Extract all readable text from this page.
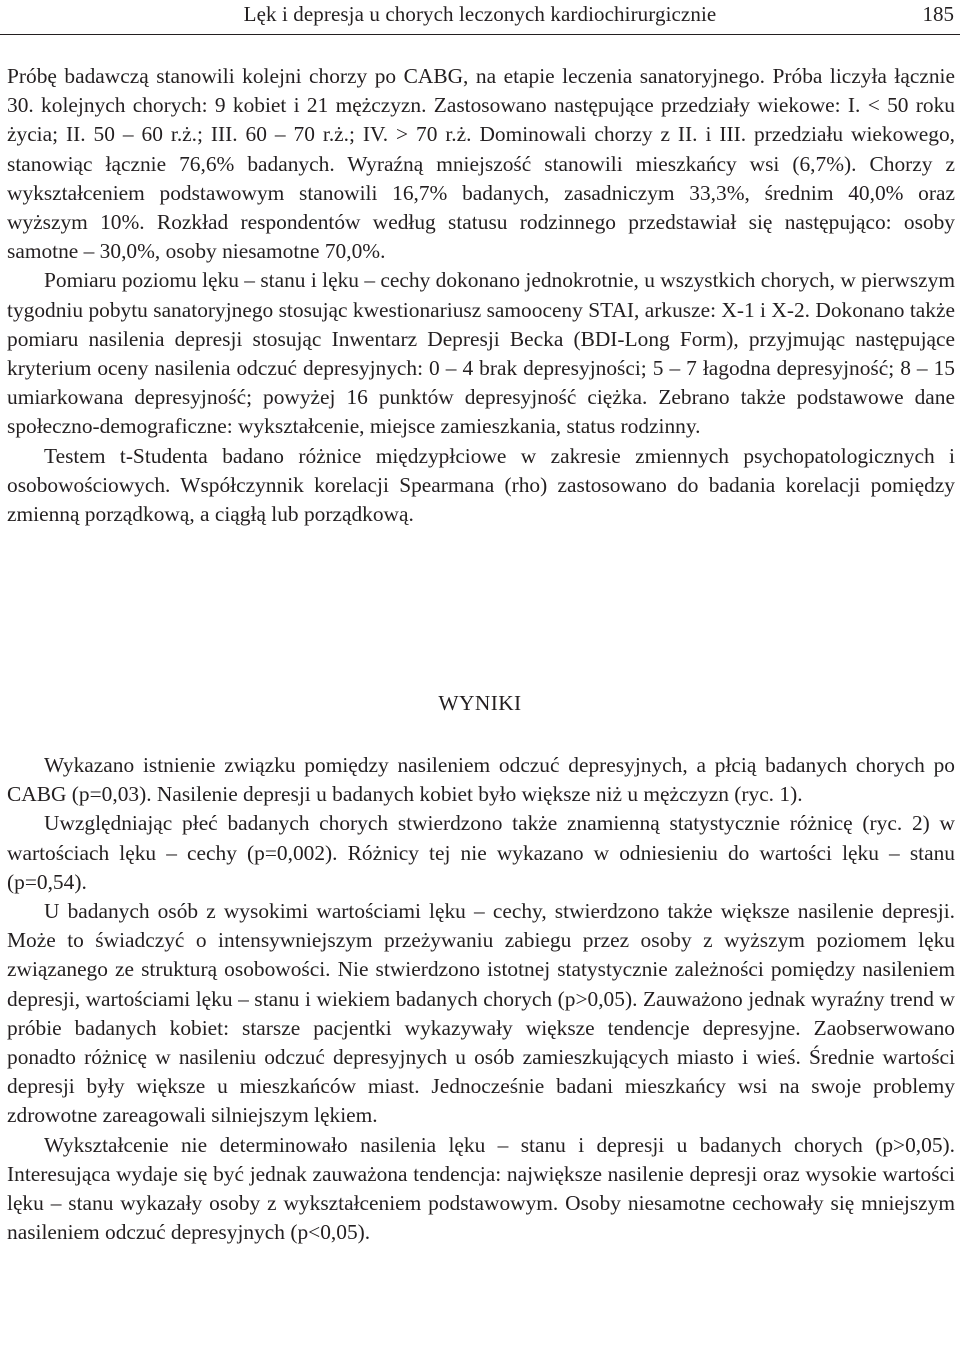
Lęk i depresja u chorych leczonych kardiochirurgicznie	185

Próbę badawczą stanowili kolejni chorzy po CABG, na etapie leczenia sanatoryjnego. Próba liczyła łącznie 30. kolejnych chorych: 9 kobiet i 21 mężczyzn. Zastosowano następujące przedziały wiekowe: I. < 50 roku życia; II. 50 – 60 r.ż.; III. 60 – 70 r.ż.; IV. > 70 r.ż. Dominowali chorzy z II. i III. przedziału wiekowego, stanowiąc łącznie 76,6% badanych. Wyraźną mniejszość stanowili mieszkańcy wsi (6,7%). Chorzy z wykształceniem podstawowym stanowili 16,7% badanych, zasadniczym 33,3%, średnim 40,0% oraz wyższym 10%. Rozkład respondentów według statusu rodzinnego przedstawiał się następująco: osoby samotne – 30,0%, osoby niesamotne 70,0%.

Pomiaru poziomu lęku – stanu i lęku – cechy dokonano jednokrotnie, u wszystkich chorych, w pierwszym tygodniu pobytu sanatoryjnego stosując kwestionariusz samooceny STAI, arkusze: X-1 i X-2. Dokonano także pomiaru nasilenia depresji stosując Inwentarz Depresji Becka (BDI-Long Form), przyjmując następujące kryterium oceny nasilenia odczuć depresyjnych: 0 – 4 brak depresyjności; 5 – 7 łagodna depresyjność; 8 – 15 umiarkowana depresyjność; powyżej 16 punktów depresyjność ciężka. Zebrano także podstawowe dane społeczno-demograficzne: wykształcenie, miejsce zamieszkania, status rodzinny.

Testem t-Studenta badano różnice międzypłciowe w zakresie zmiennych psychopatologicznych i osobowościowych. Współczynnik korelacji Spearmana (rho) zastosowano do badania korelacji pomiędzy zmienną porządkową, a ciągłą lub porządkową.

WYNIKI

Wykazano istnienie związku pomiędzy nasileniem odczuć depresyjnych, a płcią badanych chorych po CABG (p=0,03). Nasilenie depresji u badanych kobiet było większe niż u mężczyzn (ryc. 1).

Uwzględniając płeć badanych chorych stwierdzono także znamienną statystycznie różnicę (ryc. 2) w wartościach lęku – cechy (p=0,002). Różnicy tej nie wykazano w odniesieniu do wartości lęku – stanu (p=0,54).

U badanych osób z wysokimi wartościami lęku – cechy, stwierdzono także większe nasilenie depresji. Może to świadczyć o intensywniejszym przeżywaniu zabiegu przez osoby z wyższym poziomem lęku związanego ze strukturą osobowości. Nie stwierdzono istotnej statystycznie zależności pomiędzy nasileniem depresji, wartościami lęku – stanu i wiekiem badanych chorych (p>0,05). Zauważono jednak wyraźny trend w próbie badanych kobiet: starsze pacjentki wykazywały większe tendencje depresyjne. Zaobserwowano ponadto różnicę w nasileniu odczuć depresyjnych u osób zamieszkujących miasto i wieś. Średnie wartości depresji były większe u mieszkańców miast. Jednocześnie badani mieszkańcy wsi na swoje problemy zdrowotne zareagowali silniejszym lękiem.

Wykształcenie nie determinowało nasilenia lęku – stanu i depresji u badanych chorych (p>0,05). Interesująca wydaje się być jednak zauważona tendencja: największe nasilenie depresji oraz wysokie wartości lęku – stanu wykazały osoby z wykształceniem podstawowym. Osoby niesamotne cechowały się mniejszym nasileniem odczuć depresyjnych (p<0,05).
